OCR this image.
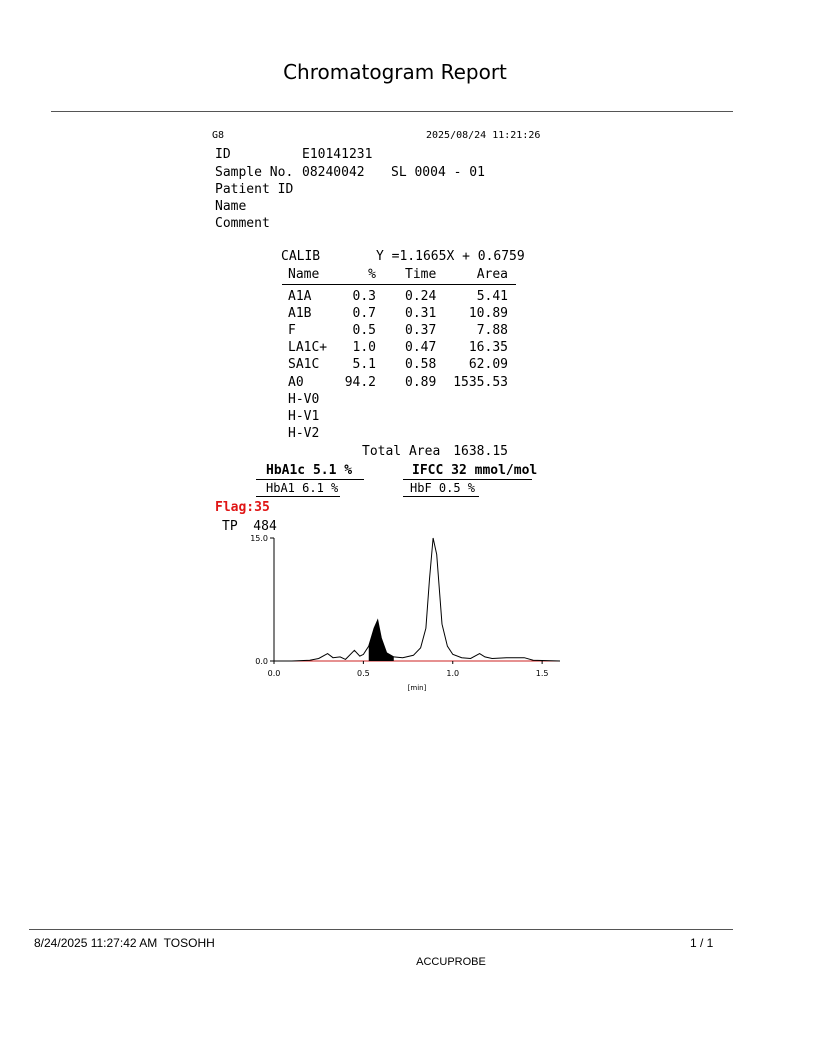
Chromatogram Report
G8	2025/08/24 11:21:26
ID	E10141231
Sample No. 08240042 SL 0004 - 01
Patient ID
Name
Comment
CALIB	Y =1.1665X + 0.6759
Name	% Time	Area
A1A	0.3 0.24	5.41
A1B	0.7 0.31	10.89
F	0.5 0.37	7.88
LA1C+	1.0 0.47	16.35
SA1C	5.1 0.58	62.09
A0	94.2 0.89	1535.53
H-V0
H-V1
H-V2
Total Area 1638.15
HbA1c 5.1 %	IFCC 32 mmol/mol
HbA1 6.1 %	HbF 0.5 %
Flag:35
TP  484
0.0
15.0
0.0	0.5	1.0	1.5
[min]
8/24/2025 11:27:42 AM  TOSOHH	1 / 1
ACCUPROBE
